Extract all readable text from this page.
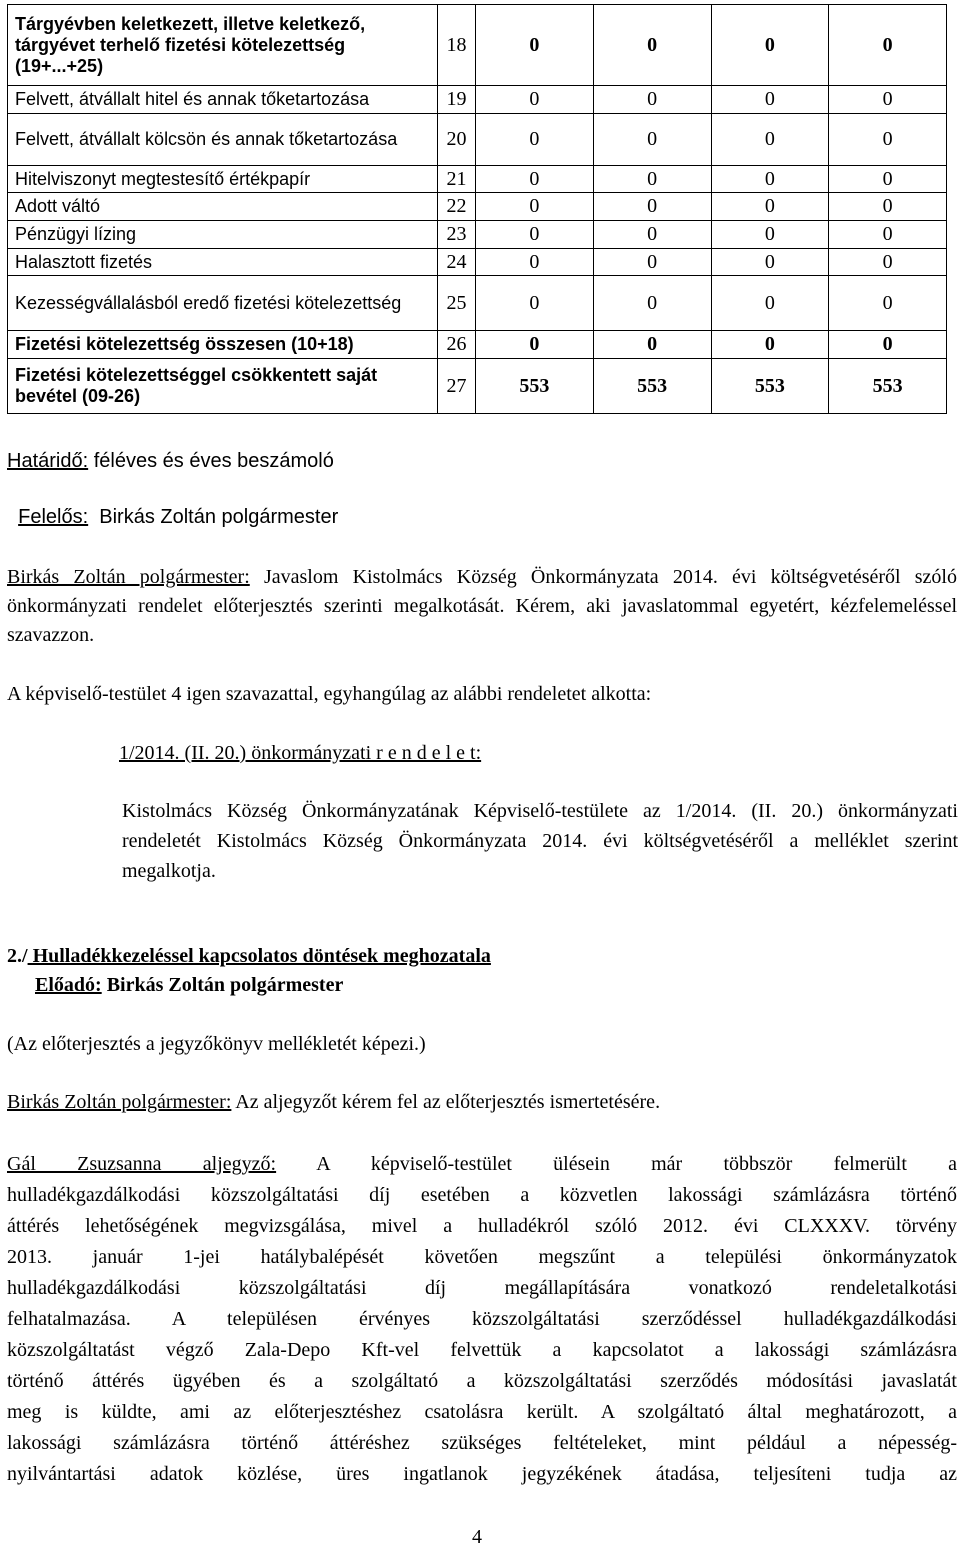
Tárgyévben keletkezett, illetve keletkező, tárgyévet terhelő fizetési kötelezettség (19+...+25)	18	0	0	0	0
Felvett, átvállalt hitel és annak tőketartozása	19	0	0	0	0
Felvett, átvállalt kölcsön és annak tőketartozása	20	0	0	0	0
Hitelviszonyt megtestesítő értékpapír	21	0	0	0	0
Adott váltó	22	0	0	0	0
Pénzügyi lízing	23	0	0	0	0
Halasztott fizetés	24	0	0	0	0
Kezességvállalásból eredő fizetési kötelezettség	25	0	0	0	0
Fizetési kötelezettség összesen (10+18)	26	0	0	0	0
Fizetési kötelezettséggel csökkentett saját bevétel (09-26)	27	553	553	553	553
Határidő: féléves és éves beszámoló

Felelős:  Birkás Zoltán polgármester

Birkás Zoltán polgármester: Javaslom Kistolmács Község Önkormányzata 2014. évi költségvetéséről szóló önkormányzati rendelet előterjesztés szerinti megalkotását. Kérem, aki javaslatommal egyetért, kézfelemeléssel szavazzon.
A képviselő-testület 4 igen szavazattal, egyhangúlag az alábbi rendeletet alkotta:
1/2014. (II. 20.) önkormányzati r e n d e l e t:
Kistolmács Község Önkormányzatának Képviselő-testülete az 1/2014. (II. 20.) önkormányzati rendeletét Kistolmács Község Önkormányzata 2014. évi költségvetéséről a melléklet szerint megalkotja.
2./ Hulladékkezeléssel kapcsolatos döntések meghozatala
Előadó: Birkás Zoltán polgármester
(Az előterjesztés a jegyzőkönyv mellékletét képezi.)
Birkás Zoltán polgármester: Az aljegyzőt kérem fel az előterjesztés ismertetésére.
Gál Zsuzsanna aljegyző: A képviselő-testület ülésein már többször felmerült a
hulladékgazdálkodási közszolgáltatási díj esetében a közvetlen lakossági számlázásra történő
áttérés lehetőségének megvizsgálása, mivel a hulladékról szóló 2012. évi CLXXXV. törvény
2013. január 1-jei hatálybalépését követően megszűnt a települési önkormányzatok
hulladékgazdálkodási közszolgáltatási díj megállapítására vonatkozó rendeletalkotási
felhatalmazása. A településen érvényes közszolgáltatási szerződéssel hulladékgazdálkodási
közszolgáltatást végző Zala-Depo Kft-vel felvettük a kapcsolatot a lakossági számlázásra
történő áttérés ügyében és a szolgáltató a közszolgáltatási szerződés módosítási javaslatát
meg is küldte, ami az előterjesztéshez csatolásra került. A szolgáltató által meghatározott, a
lakossági számlázásra történő áttéréshez szükséges feltételeket, mint például a népesség-
nyilvántartási adatok közlése, üres ingatlanok jegyzékének átadása, teljesíteni tudja az
4
